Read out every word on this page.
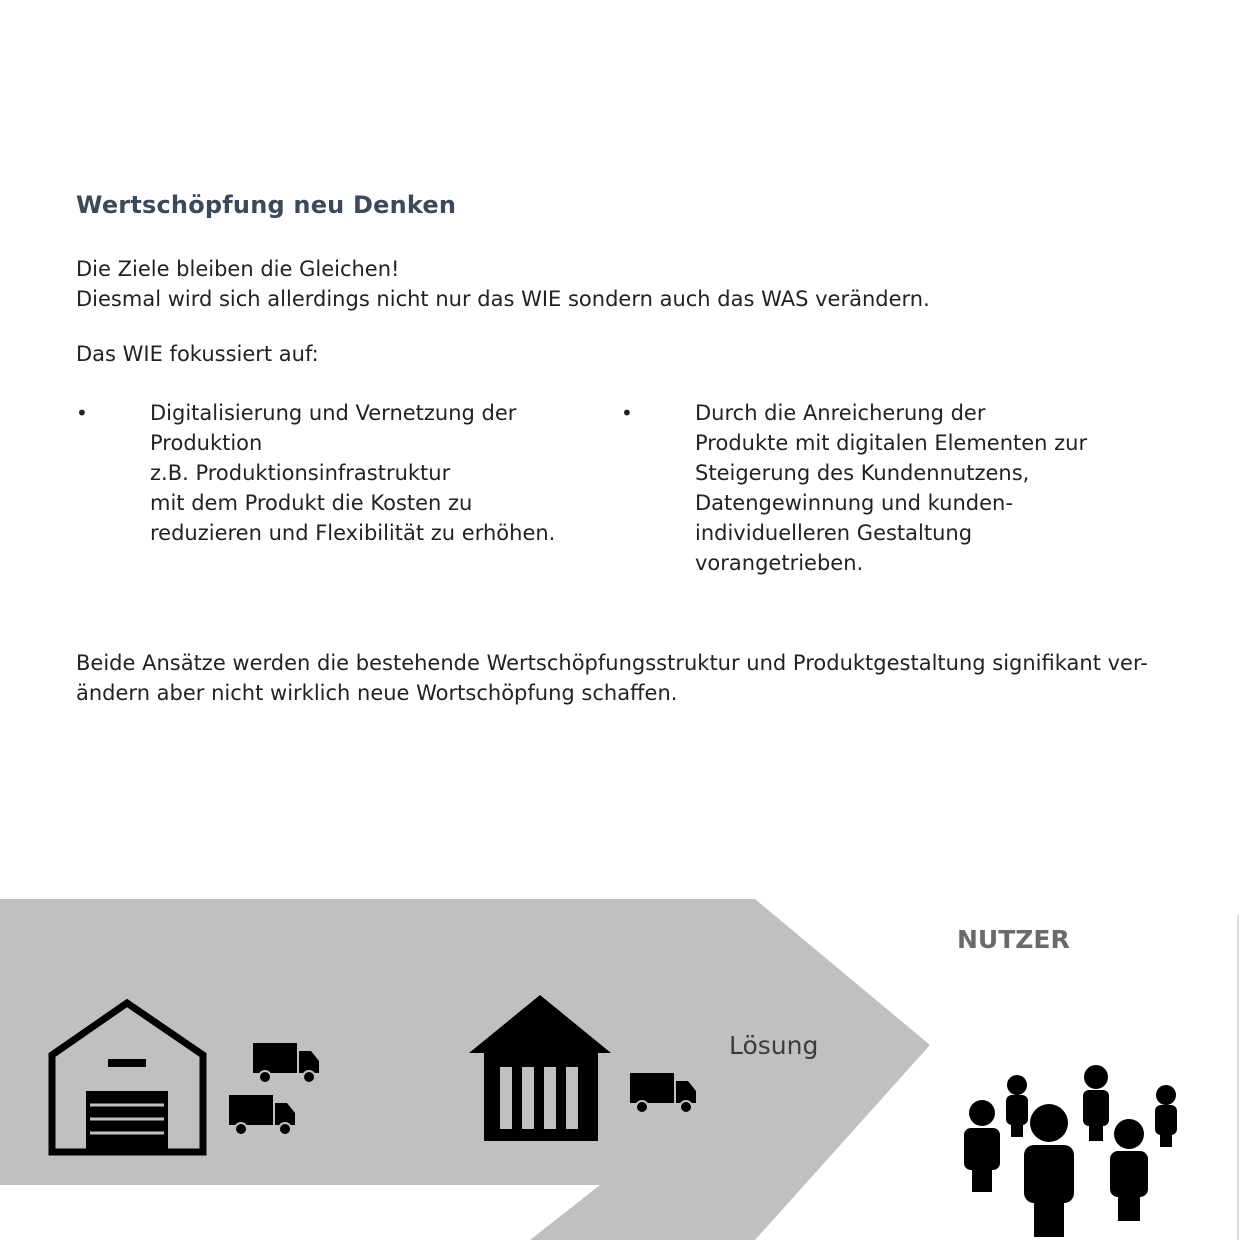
Wertschöpfung neu Denken

Die Ziele bleiben die Gleichen!
Diesmal wird sich allerdings nicht nur das WIE sondern auch das WAS verändern.

Das WIE fokussiert auf:

•	Digitalisierung und Vernetzung der
Produktion
z.B. Produktionsinfrastruktur
mit dem Produkt die Kosten zu
reduzieren und Flexibilität zu erhöhen.
•	Durch die Anreicherung der
Produkte mit digitalen Elementen zur
Steigerung des Kundennutzens,
Datengewinnung und kunden-
individuelleren Gestaltung
vorangetrieben.

Beide Ansätze werden die bestehende Wertschöpfungsstruktur und Produktgestaltung signifikant ver-
ändern aber nicht wirklich neue Wortschöpfung schaffen.

Lösung
NUTZER
